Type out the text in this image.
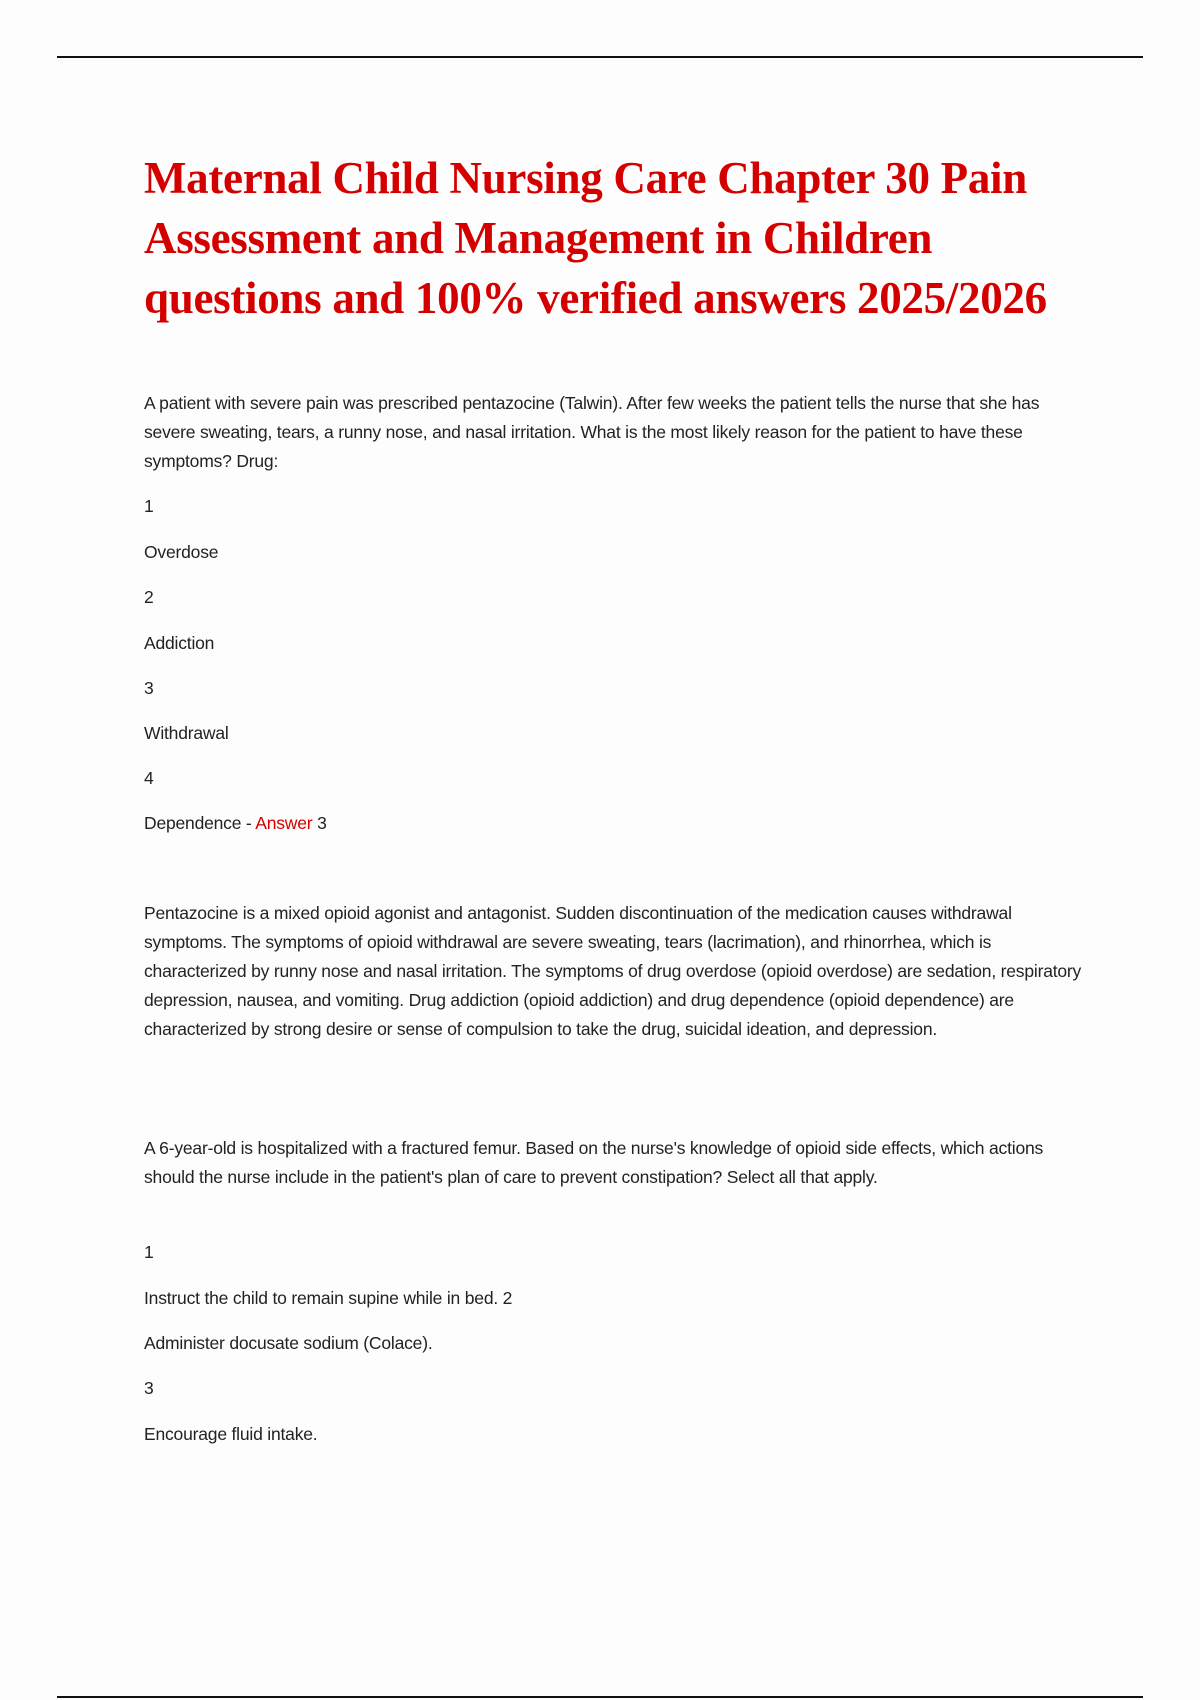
Maternal Child Nursing Care Chapter 30 Pain Assessment and Management in Children questions and 100% verified answers 2025/2026

A patient with severe pain was prescribed pentazocine (Talwin). After few weeks the patient tells the nurse that she has severe sweating, tears, a runny nose, and nasal irritation. What is the most likely reason for the patient to have these symptoms? Drug:

1

Overdose

2

Addiction

3

Withdrawal

4

Dependence - Answer 3

Pentazocine is a mixed opioid agonist and antagonist. Sudden discontinuation of the medication causes withdrawal symptoms. The symptoms of opioid withdrawal are severe sweating, tears (lacrimation), and rhinorrhea, which is characterized by runny nose and nasal irritation. The symptoms of drug overdose (opioid overdose) are sedation, respiratory depression, nausea, and vomiting. Drug addiction (opioid addiction) and drug dependence (opioid dependence) are characterized by strong desire or sense of compulsion to take the drug, suicidal ideation, and depression.

A 6-year-old is hospitalized with a fractured femur. Based on the nurse's knowledge of opioid side effects, which actions should the nurse include in the patient's plan of care to prevent constipation? Select all that apply.

1

Instruct the child to remain supine while in bed. 2

Administer docusate sodium (Colace).

3

Encourage fluid intake.
